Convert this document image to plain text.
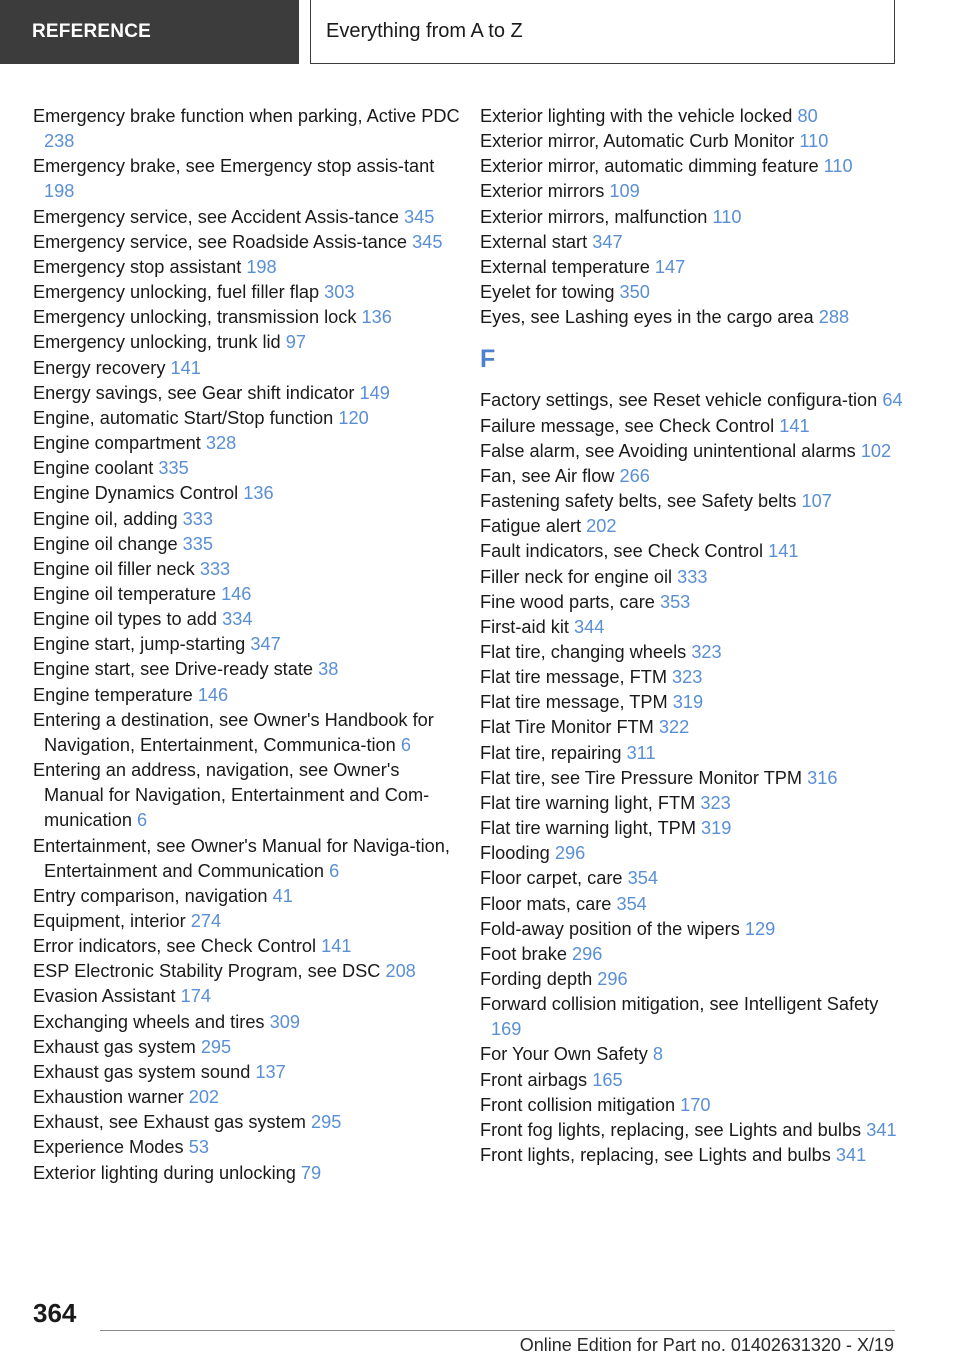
REFERENCE	Everything from A to Z
Emergency brake function when parking, Active PDC 238
Emergency brake, see Emergency stop assis-tant 198
Emergency service, see Accident Assis-tance 345
Emergency service, see Roadside Assis-tance 345
Emergency stop assistant 198
Emergency unlocking, fuel filler flap 303
Emergency unlocking, transmission lock 136
Emergency unlocking, trunk lid 97
Energy recovery 141
Energy savings, see Gear shift indicator 149
Engine, automatic Start/Stop function 120
Engine compartment 328
Engine coolant 335
Engine Dynamics Control 136
Engine oil, adding 333
Engine oil change 335
Engine oil filler neck 333
Engine oil temperature 146
Engine oil types to add 334
Engine start, jump-starting 347
Engine start, see Drive-ready state 38
Engine temperature 146
Entering a destination, see Owner's Handbook for Navigation, Entertainment, Communica-tion 6
Entering an address, navigation, see Owner's Manual for Navigation, Entertainment and Com-munication 6
Entertainment, see Owner's Manual for Naviga-tion, Entertainment and Communication 6
Entry comparison, navigation 41
Equipment, interior 274
Error indicators, see Check Control 141
ESP Electronic Stability Program, see DSC 208
Evasion Assistant 174
Exchanging wheels and tires 309
Exhaust gas system 295
Exhaust gas system sound 137
Exhaustion warner 202
Exhaust, see Exhaust gas system 295
Experience Modes 53
Exterior lighting during unlocking 79
Exterior lighting with the vehicle locked 80
Exterior mirror, Automatic Curb Monitor 110
Exterior mirror, automatic dimming feature 110
Exterior mirrors 109
Exterior mirrors, malfunction 110
External start 347
External temperature 147
Eyelet for towing 350
Eyes, see Lashing eyes in the cargo area 288
F
Factory settings, see Reset vehicle configura-tion 64
Failure message, see Check Control 141
False alarm, see Avoiding unintentional alarms 102
Fan, see Air flow 266
Fastening safety belts, see Safety belts 107
Fatigue alert 202
Fault indicators, see Check Control 141
Filler neck for engine oil 333
Fine wood parts, care 353
First-aid kit 344
Flat tire, changing wheels 323
Flat tire message, FTM 323
Flat tire message, TPM 319
Flat Tire Monitor FTM 322
Flat tire, repairing 311
Flat tire, see Tire Pressure Monitor TPM 316
Flat tire warning light, FTM 323
Flat tire warning light, TPM 319
Flooding 296
Floor carpet, care 354
Floor mats, care 354
Fold-away position of the wipers 129
Foot brake 296
Fording depth 296
Forward collision mitigation, see Intelligent Safety 169
For Your Own Safety 8
Front airbags 165
Front collision mitigation 170
Front fog lights, replacing, see Lights and bulbs 341
Front lights, replacing, see Lights and bulbs 341
364
Online Edition for Part no. 01402631320 - X/19
